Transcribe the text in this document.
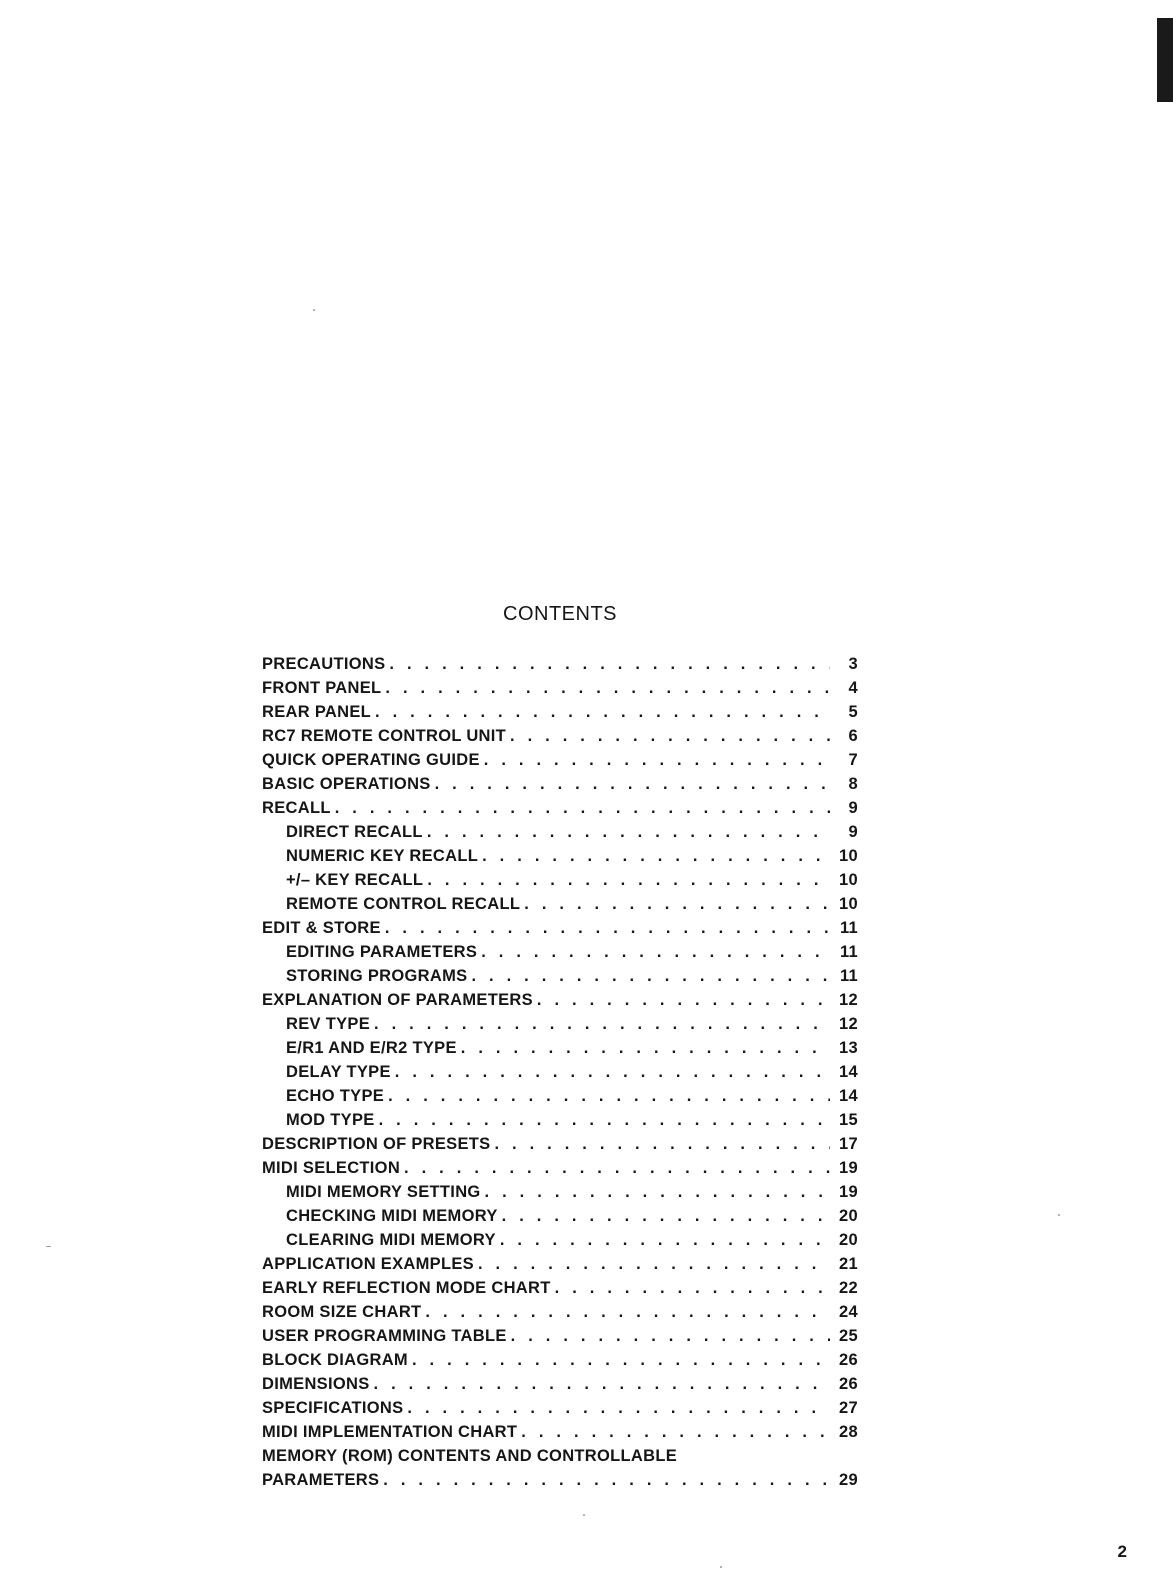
CONTENTS
PRECAUTIONS . . .	3
FRONT PANEL . . .	4
REAR PANEL . . .	5
RC7 REMOTE CONTROL UNIT . . .	6
QUICK OPERATING GUIDE . . .	7
BASIC OPERATIONS . . .	8
RECALL . . .	9
DIRECT RECALL . . .	9
NUMERIC KEY RECALL . . .	10
+/– KEY RECALL . . .	10
REMOTE CONTROL RECALL . . .	10
EDIT & STORE . . .	11
EDITING PARAMETERS . . .	11
STORING PROGRAMS . . .	11
EXPLANATION OF PARAMETERS . . .	12
REV TYPE . . .	12
E/R1 AND E/R2 TYPE . . .	13
DELAY TYPE . . .	14
ECHO TYPE . . .	14
MOD TYPE . . .	15
DESCRIPTION OF PRESETS . . .	17
MIDI SELECTION . . .	19
MIDI MEMORY SETTING . . .	19
CHECKING MIDI MEMORY . . .	20
CLEARING MIDI MEMORY . . .	20
APPLICATION EXAMPLES . . .	21
EARLY REFLECTION MODE CHART . . .	22
ROOM SIZE CHART . . .	24
USER PROGRAMMING TABLE . . .	25
BLOCK DIAGRAM . . .	26
DIMENSIONS . . .	26
SPECIFICATIONS . . .	27
MIDI IMPLEMENTATION CHART . . .	28
MEMORY (ROM) CONTENTS AND CONTROLLABLE
PARAMETERS . . .	29
2
